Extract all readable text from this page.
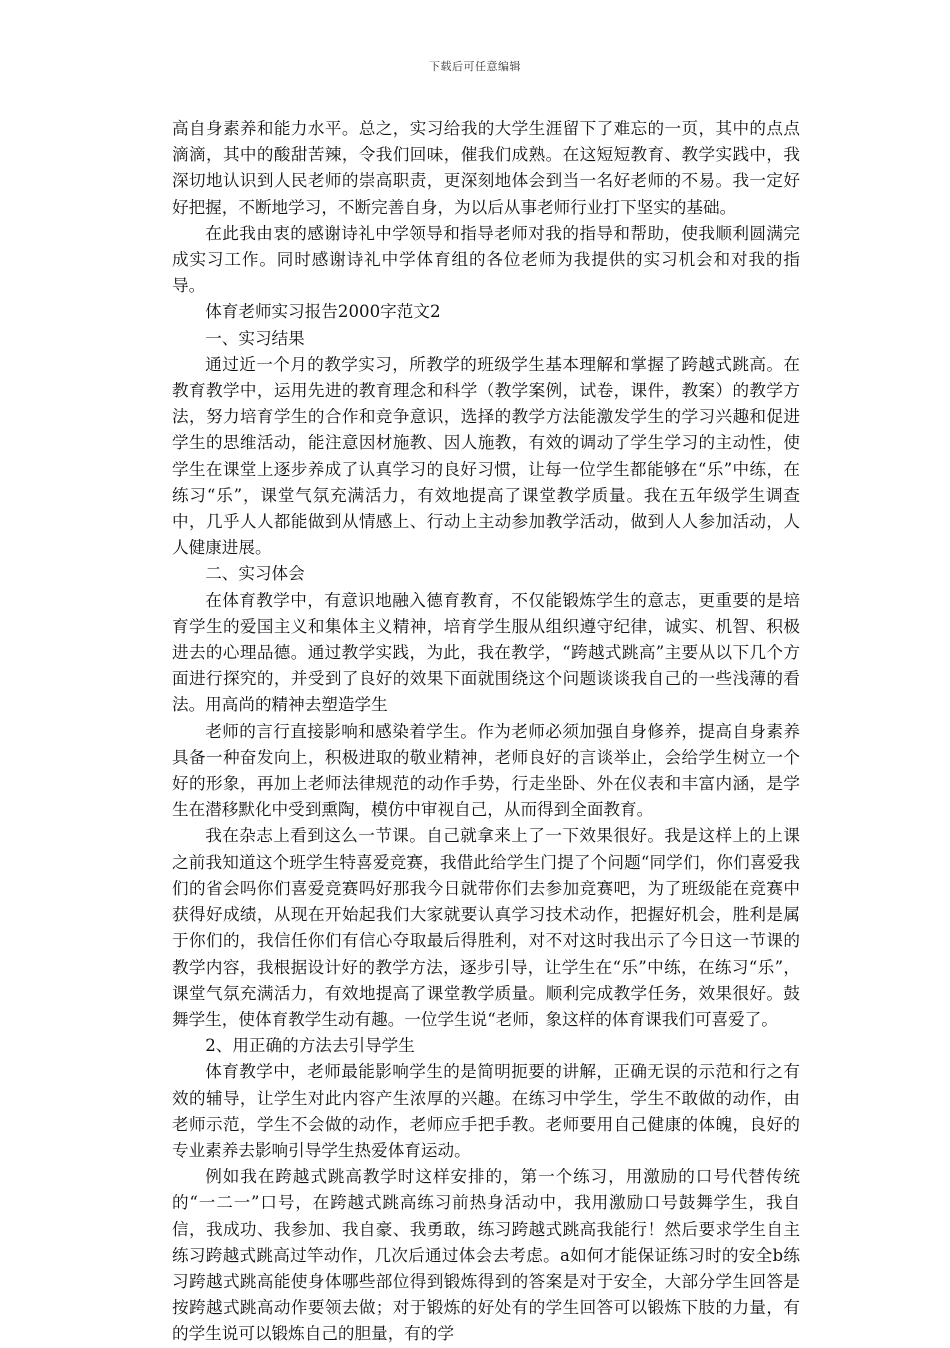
下载后可任意编辑

高自身素养和能力水平。总之，实习给我的大学生涯留下了难忘的一页，其中的点点滴滴，其中的酸甜苦辣，令我们回味，催我们成熟。在这短短教育、教学实践中，我深切地认识到人民老师的崇高职责，更深刻地体会到当一名好老师的不易。我一定好好把握，不断地学习，不断完善自身，为以后从事老师行业打下坚实的基础。

在此我由衷的感谢诗礼中学领导和指导老师对我的指导和帮助，使我顺利圆满完成实习工作。同时感谢诗礼中学体育组的各位老师为我提供的实习机会和对我的指导。

体育老师实习报告2000字范文2

一、实习结果

通过近一个月的教学实习，所教学的班级学生基本理解和掌握了跨越式跳高。在教育教学中，运用先进的教育理念和科学（教学案例，试卷，课件，教案）的教学方法，努力培育学生的合作和竞争意识，选择的教学方法能激发学生的学习兴趣和促进学生的思维活动，能注意因材施教、因人施教，有效的调动了学生学习的主动性，使学生在课堂上逐步养成了认真学习的良好习惯，让每一位学生都能够在“乐”中练，在练习“乐”，课堂气氛充满活力，有效地提高了课堂教学质量。我在五年级学生调查中，几乎人人都能做到从情感上、行动上主动参加教学活动，做到人人参加活动，人人健康进展。

二、实习体会

在体育教学中，有意识地融入德育教育，不仅能锻炼学生的意志，更重要的是培育学生的爱国主义和集体主义精神，培育学生服从组织遵守纪律，诚实、机智、积极进去的心理品德。通过教学实践，为此，我在教学，“跨越式跳高”主要从以下几个方面进行探究的，并受到了良好的效果下面就围绕这个问题谈谈我自己的一些浅薄的看法。用高尚的精神去塑造学生

老师的言行直接影响和感染着学生。作为老师必须加强自身修养，提高自身素养具备一种奋发向上，积极进取的敬业精神，老师良好的言谈举止，会给学生树立一个好的形象，再加上老师法律规范的动作手势，行走坐卧、外在仪表和丰富内涵，是学生在潜移默化中受到熏陶，模仿中审视自己，从而得到全面教育。

我在杂志上看到这么一节课。自己就拿来上了一下效果很好。我是这样上的上课之前我知道这个班学生特喜爱竞赛，我借此给学生门提了个问题“同学们，你们喜爱我们的省会吗你们喜爱竞赛吗好那我今日就带你们去参加竞赛吧，为了班级能在竞赛中获得好成绩，从现在开始起我们大家就要认真学习技术动作，把握好机会，胜利是属于你们的，我信任你们有信心夺取最后得胜利，对不对这时我出示了今日这一节课的教学内容，我根据设计好的教学方法，逐步引导，让学生在“乐”中练，在练习“乐”，课堂气氛充满活力，有效地提高了课堂教学质量。顺利完成教学任务，效果很好。鼓舞学生，使体育教学生动有趣。一位学生说“老师，象这样的体育课我们可喜爱了。

2、用正确的方法去引导学生

体育教学中，老师最能影响学生的是简明扼要的讲解，正确无误的示范和行之有效的辅导，让学生对此内容产生浓厚的兴趣。在练习中学生，学生不敢做的动作，由老师示范，学生不会做的动作，老师应手把手教。老师要用自己健康的体魄，良好的专业素养去影响引导学生热爱体育运动。

例如我在跨越式跳高教学时这样安排的，第一个练习，用激励的口号代替传统的“一二一”口号，在跨越式跳高练习前热身活动中，我用激励口号鼓舞学生，我自信，我成功、我参加、我自豪、我勇敢，练习跨越式跳高我能行！然后要求学生自主练习跨越式跳高过竿动作，几次后通过体会去考虑。a如何才能保证练习时的安全b练习跨越式跳高能使身体哪些部位得到锻炼得到的答案是对于安全，大部分学生回答是按跨越式跳高动作要领去做；对于锻炼的好处有的学生回答可以锻炼下肢的力量，有的学生说可以锻炼自己的胆量，有的学
